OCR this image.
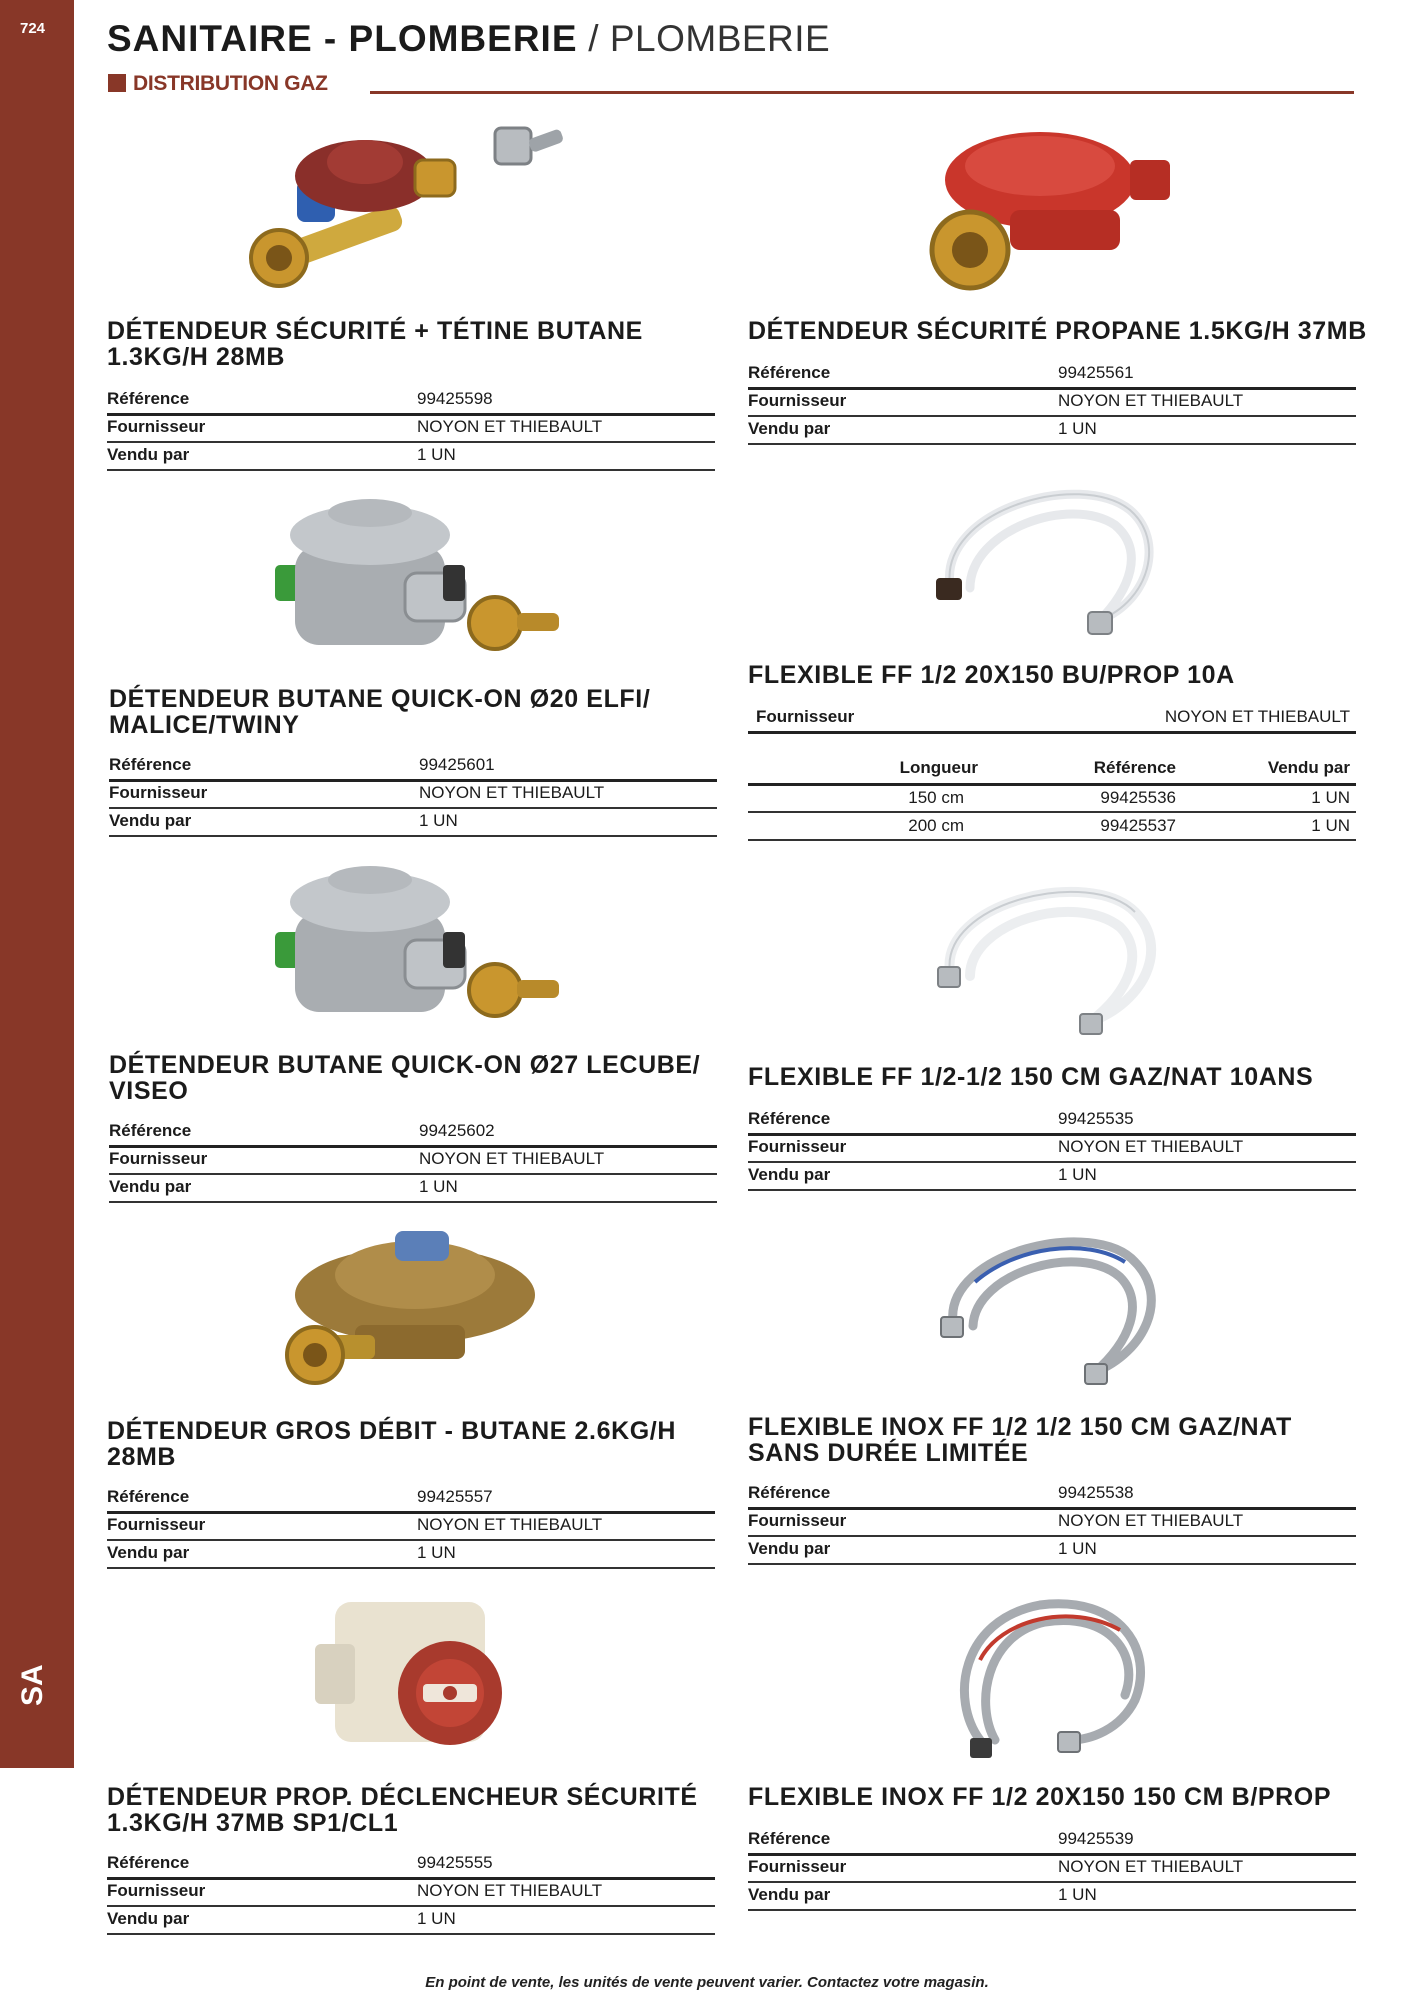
724
SA
SANITAIRE - PLOMBERIE / PLOMBERIE
DISTRIBUTION GAZ
DÉTENDEUR SÉCURITÉ + TÉTINE BUTANE 1.3KG/H 28MB
Référence	99425598
Fournisseur	NOYON ET THIEBAULT
Vendu par	1 UN
DÉTENDEUR SÉCURITÉ PROPANE 1.5KG/H 37MB
Référence	99425561
Fournisseur	NOYON ET THIEBAULT
Vendu par	1 UN
DÉTENDEUR BUTANE QUICK-ON Ø20 ELFI/ MALICE/TWINY
Référence	99425601
Fournisseur	NOYON ET THIEBAULT
Vendu par	1 UN
FLEXIBLE FF 1/2 20X150 BU/PROP 10A
Fournisseur	NOYON ET THIEBAULT
Longueur	Référence	Vendu par
150 cm	99425536	1 UN
200 cm	99425537	1 UN
DÉTENDEUR BUTANE QUICK-ON Ø27 LECUBE/ VISEO
Référence	99425602
Fournisseur	NOYON ET THIEBAULT
Vendu par	1 UN
FLEXIBLE FF 1/2-1/2 150 CM GAZ/NAT 10ANS
Référence	99425535
Fournisseur	NOYON ET THIEBAULT
Vendu par	1 UN
DÉTENDEUR GROS DÉBIT - BUTANE 2.6KG/H 28MB
Référence	99425557
Fournisseur	NOYON ET THIEBAULT
Vendu par	1 UN
FLEXIBLE INOX FF 1/2 1/2 150 CM GAZ/NAT SANS DURÉE LIMITÉE
Référence	99425538
Fournisseur	NOYON ET THIEBAULT
Vendu par	1 UN
DÉTENDEUR PROP. DÉCLENCHEUR SÉCURITÉ 1.3KG/H 37MB SP1/CL1
Référence	99425555
Fournisseur	NOYON ET THIEBAULT
Vendu par	1 UN
FLEXIBLE INOX FF 1/2 20X150 150 CM B/PROP
Référence	99425539
Fournisseur	NOYON ET THIEBAULT
Vendu par	1 UN
En point de vente, les unités de vente peuvent varier. Contactez votre magasin.
